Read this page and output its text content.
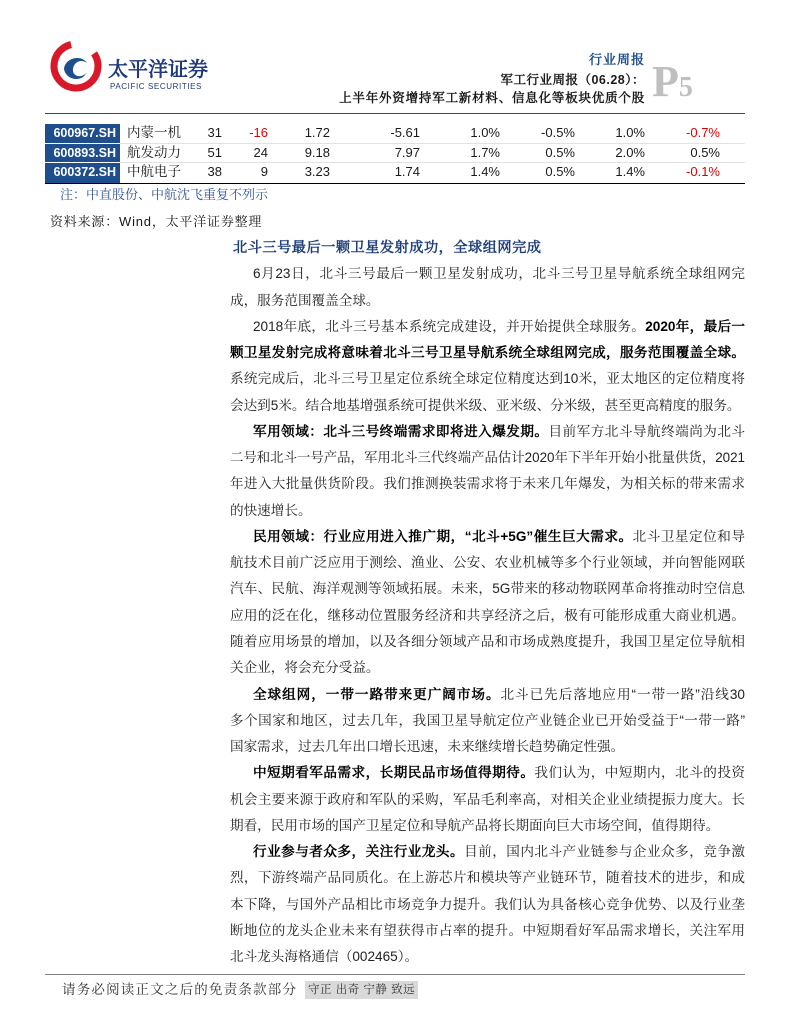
太平洋证券
PACIFIC SECURITIES
行业周报
军工行业周报（06.28）：
上半年外资增持军工新材料、信息化等板块优质个股 P5
600967.SH 内蒙一机	31	-16	1.72	-5.61	1.0%	-0.5%	1.0%	-0.7%
600893.SH 航发动力	51	24	9.18	7.97	1.7%	0.5%	2.0%	0.5%
600372.SH 中航电子	38	9	3.23	1.74	1.4%	0.5%	1.4%	-0.1%
注：中直股份、中航沈飞重复不列示
资料来源：Wind，太平洋证券整理
北斗三号最后一颗卫星发射成功，全球组网完成
6月23日，北斗三号最后一颗卫星发射成功，北斗三号卫星导航系统全球组网完
成，服务范围覆盖全球。
2018年底，北斗三号基本系统完成建设，并开始提供全球服务。2020年，最后一
颗卫星发射完成将意味着北斗三号卫星导航系统全球组网完成，服务范围覆盖全球。
系统完成后，北斗三号卫星定位系统全球定位精度达到10米，亚太地区的定位精度将
会达到5米。结合地基增强系统可提供米级、亚米级、分米级，甚至更高精度的服务。
军用领域：北斗三号终端需求即将进入爆发期。目前军方北斗导航终端尚为北斗
二号和北斗一号产品，军用北斗三代终端产品估计2020年下半年开始小批量供货，2021
年进入大批量供货阶段。我们推测换装需求将于未来几年爆发，为相关标的带来需求
的快速增长。
民用领域：行业应用进入推广期，“北斗+5G”催生巨大需求。北斗卫星定位和导
航技术目前广泛应用于测绘、渔业、公安、农业机械等多个行业领域，并向智能网联
汽车、民航、海洋观测等领域拓展。未来，5G带来的移动物联网革命将推动时空信息
应用的泛在化，继移动位置服务经济和共享经济之后，极有可能形成重大商业机遇。
随着应用场景的增加，以及各细分领域产品和市场成熟度提升，我国卫星定位导航相
关企业，将会充分受益。
全球组网，一带一路带来更广阔市场。北斗已先后落地应用“一带一路”沿线30
多个国家和地区，过去几年，我国卫星导航定位产业链企业已开始受益于“一带一路”
国家需求，过去几年出口增长迅速，未来继续增长趋势确定性强。
中短期看军品需求，长期民品市场值得期待。我们认为，中短期内，北斗的投资
机会主要来源于政府和军队的采购，军品毛利率高，对相关企业业绩提振力度大。长
期看，民用市场的国产卫星定位和导航产品将长期面向巨大市场空间，值得期待。
行业参与者众多，关注行业龙头。目前，国内北斗产业链参与企业众多，竞争激
烈，下游终端产品同质化。在上游芯片和模块等产业链环节，随着技术的进步，和成
本下降，与国外产品相比市场竞争力提升。我们认为具备核心竞争优势、以及行业垄
断地位的龙头企业未来有望获得市占率的提升。中短期看好军品需求增长，关注军用
北斗龙头海格通信（002465）。
请务必阅读正文之后的免责条款部分 守正 出奇 宁静 致远
